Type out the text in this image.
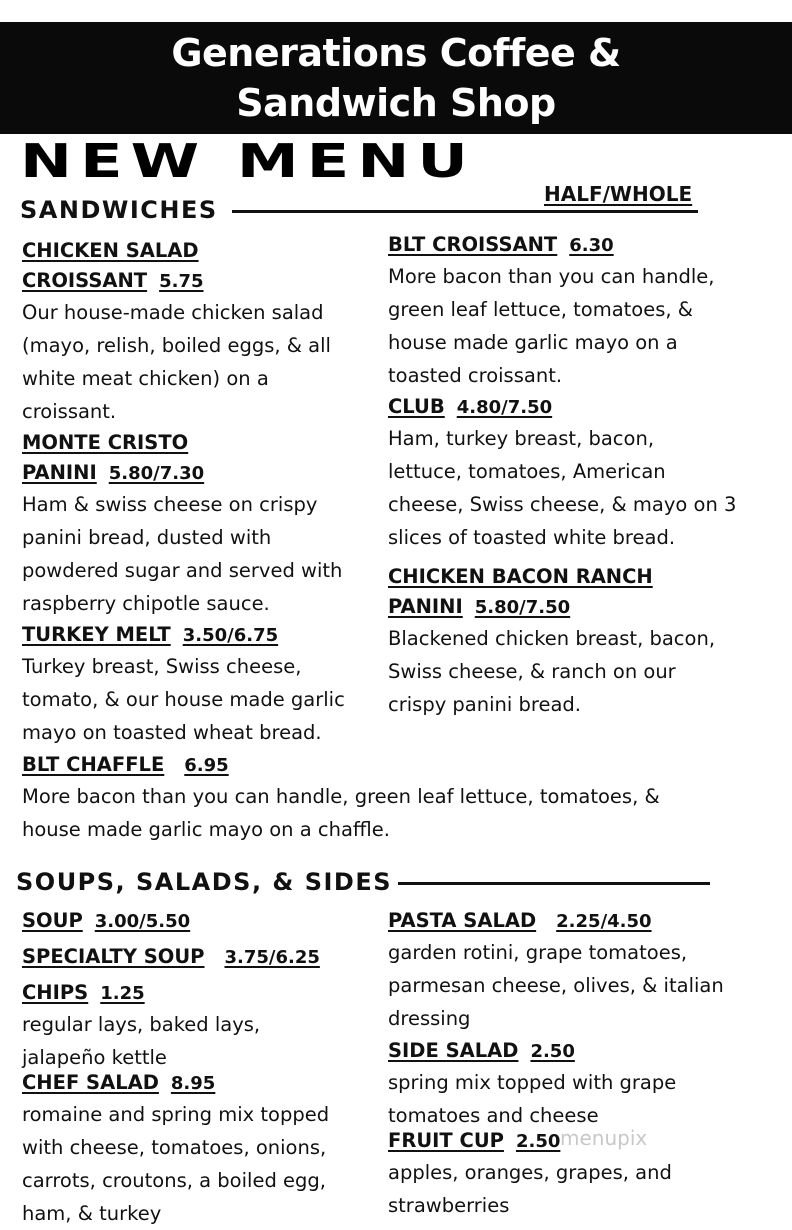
Generations Coffee &
Sandwich Shop
NEW MENU
SANDWICHES
HALF/WHOLE
CHICKEN SALAD
CROISSANT 5.75
Our house-made chicken salad
(mayo, relish, boiled eggs, & all
white meat chicken) on a
croissant.
MONTE CRISTO
PANINI 5.80/7.30
Ham & swiss cheese on crispy
panini bread, dusted with
powdered sugar and served with
raspberry chipotle sauce.
TURKEY MELT 3.50/6.75
Turkey breast, Swiss cheese,
tomato, & our house made garlic
mayo on toasted wheat bread.
BLT CROISSANT 6.30
More bacon than you can handle,
green leaf lettuce, tomatoes, &
house made garlic mayo on a
toasted croissant.
CLUB 4.80/7.50
Ham, turkey breast, bacon,
lettuce, tomatoes, American
cheese, Swiss cheese, & mayo on 3
slices of toasted white bread.
CHICKEN BACON RANCH
PANINI 5.80/7.50
Blackened chicken breast, bacon,
Swiss cheese, & ranch on our
crispy panini bread.
BLT CHAFFLE 6.95
More bacon than you can handle, green leaf lettuce, tomatoes, &
house made garlic mayo on a chaffle.
SOUPS, SALADS, & SIDES
SOUP 3.00/5.50
SPECIALTY SOUP 3.75/6.25
CHIPS 1.25
regular lays, baked lays,
jalapeño kettle
CHEF SALAD 8.95
romaine and spring mix topped
with cheese, tomatoes, onions,
carrots, croutons, a boiled egg,
ham, & turkey
PASTA SALAD 2.25/4.50
garden rotini, grape tomatoes,
parmesan cheese, olives, & italian
dressing
SIDE SALAD 2.50
spring mix topped with grape
tomatoes and cheese
FRUIT CUP 2.50
apples, oranges, grapes, and
strawberries
menupix
